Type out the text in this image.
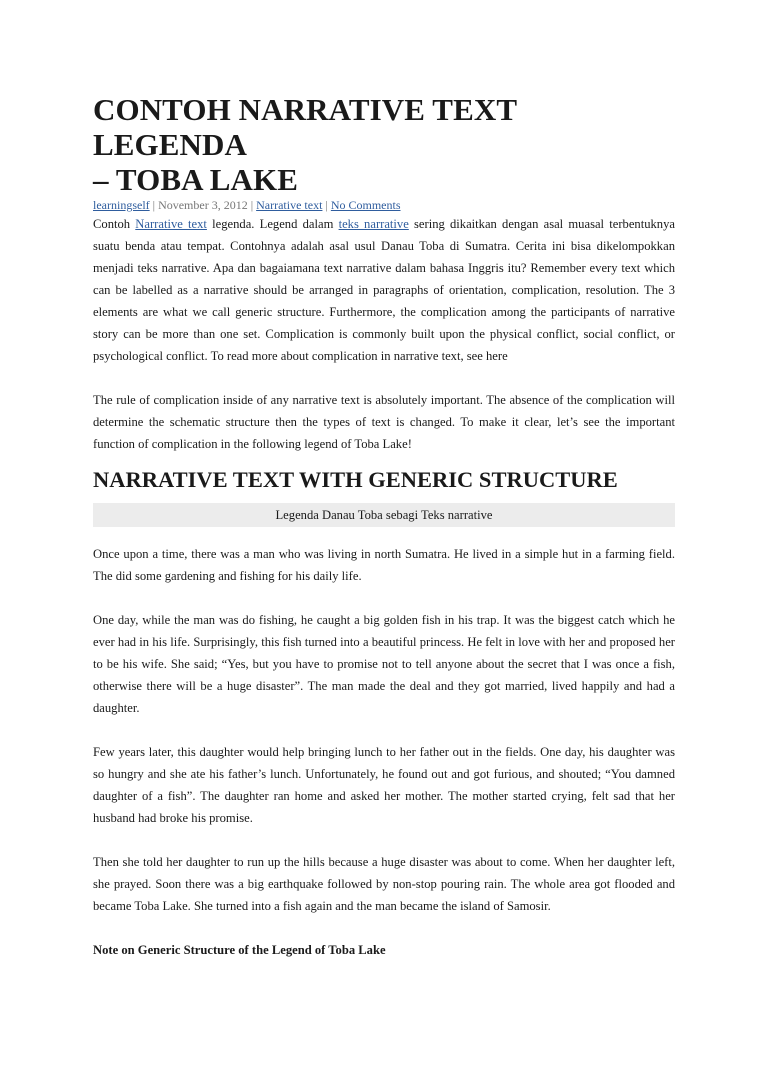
CONTOH NARRATIVE TEXT LEGENDA
– TOBA LAKE
learningself | November 3, 2012 | Narrative text | No Comments

Contoh Narrative text legenda. Legend dalam teks narrative sering dikaitkan dengan asal muasal terbentuknya suatu benda atau tempat. Contohnya adalah asal usul Danau Toba di Sumatra. Cerita ini bisa dikelompokkan menjadi teks narrative. Apa dan bagaiamana text narrative dalam bahasa Inggris itu? Remember every text which can be labelled as a narrative should be arranged in paragraphs of orientation, complication, resolution. The 3 elements are what we call generic structure. Furthermore, the complication among the participants of narrative story can be more than one set. Complication is commonly built upon the physical conflict, social conflict, or psychological conflict. To read more about complication in narrative text, see here

The rule of complication inside of any narrative text is absolutely important. The absence of the complication will determine the schematic structure then the types of text is changed. To make it clear, let’s see the important function of complication in the following legend of Toba Lake!

NARRATIVE TEXT WITH GENERIC STRUCTURE
Legenda Danau Toba sebagi Teks narrative

Once upon a time, there was a man who was living in north Sumatra. He lived in a simple hut in a farming field. The did some gardening and fishing for his daily life.

One day, while the man was do fishing, he caught a big golden fish in his trap. It was the biggest catch which he ever had in his life. Surprisingly, this fish turned into a beautiful princess. He felt in love with her and proposed her to be his wife. She said; “Yes, but you have to promise not to tell anyone about the secret that I was once a fish, otherwise there will be a huge disaster”. The man made the deal and they got married, lived happily and had a daughter.

Few years later, this daughter would help bringing lunch to her father out in the fields. One day, his daughter was so hungry and she ate his father’s lunch. Unfortunately, he found out and got furious, and shouted; “You damned daughter of a fish”. The daughter ran home and asked her mother. The mother started crying, felt sad that her husband had broke his promise.

Then she told her daughter to run up the hills because a huge disaster was about to come. When her daughter left, she prayed. Soon there was a big earthquake followed by non-stop pouring rain. The whole area got flooded and became Toba Lake. She turned into a fish again and the man became the island of Samosir.

Note on Generic Structure of the Legend of Toba Lake
